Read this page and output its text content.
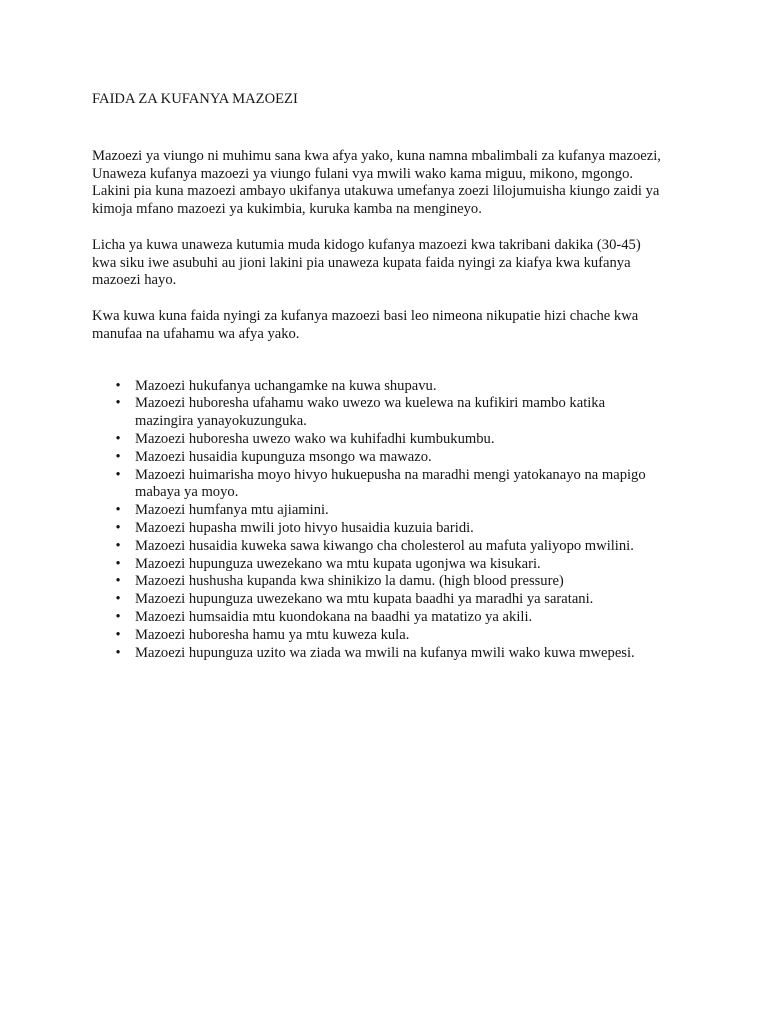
FAIDA ZA KUFANYA MAZOEZI

Mazoezi ya viungo ni muhimu sana kwa afya yako, kuna namna mbalimbali za kufanya mazoezi,
Unaweza kufanya mazoezi ya viungo fulani vya mwili wako kama miguu, mikono, mgongo.
Lakini pia kuna mazoezi ambayo ukifanya utakuwa umefanya zoezi lilojumuisha kiungo zaidi ya
kimoja mfano mazoezi ya kukimbia, kuruka kamba na mengineyo.

Licha ya kuwa unaweza kutumia muda kidogo kufanya mazoezi kwa takribani dakika (30-45)
kwa siku iwe asubuhi au jioni lakini pia unaweza kupata faida nyingi za kiafya kwa kufanya
mazoezi hayo.

Kwa kuwa kuna faida nyingi za kufanya mazoezi basi leo nimeona nikupatie hizi chache kwa
manufaa na ufahamu wa afya yako.

• Mazoezi hukufanya uchangamke na kuwa shupavu.
• Mazoezi huboresha ufahamu wako uwezo wa kuelewa na kufikiri mambo katika
mazingira yanayokuzunguka.
• Mazoezi huboresha uwezo wako wa kuhifadhi kumbukumbu.
• Mazoezi husaidia kupunguza msongo wa mawazo.
• Mazoezi huimarisha moyo hivyo hukuepusha na maradhi mengi yatokanayo na mapigo
mabaya ya moyo.
• Mazoezi humfanya mtu ajiamini.
• Mazoezi hupasha mwili joto hivyo husaidia kuzuia baridi.
• Mazoezi husaidia kuweka sawa kiwango cha cholesterol au mafuta yaliyopo mwilini.
• Mazoezi hupunguza uwezekano wa mtu kupata ugonjwa wa kisukari.
• Mazoezi hushusha kupanda kwa shinikizo la damu. (high blood pressure)
• Mazoezi hupunguza uwezekano wa mtu kupata baadhi ya maradhi ya saratani.
• Mazoezi humsaidia mtu kuondokana na baadhi ya matatizo ya akili.
• Mazoezi huboresha hamu ya mtu kuweza kula.
• Mazoezi hupunguza uzito wa ziada wa mwili na kufanya mwili wako kuwa mwepesi.
